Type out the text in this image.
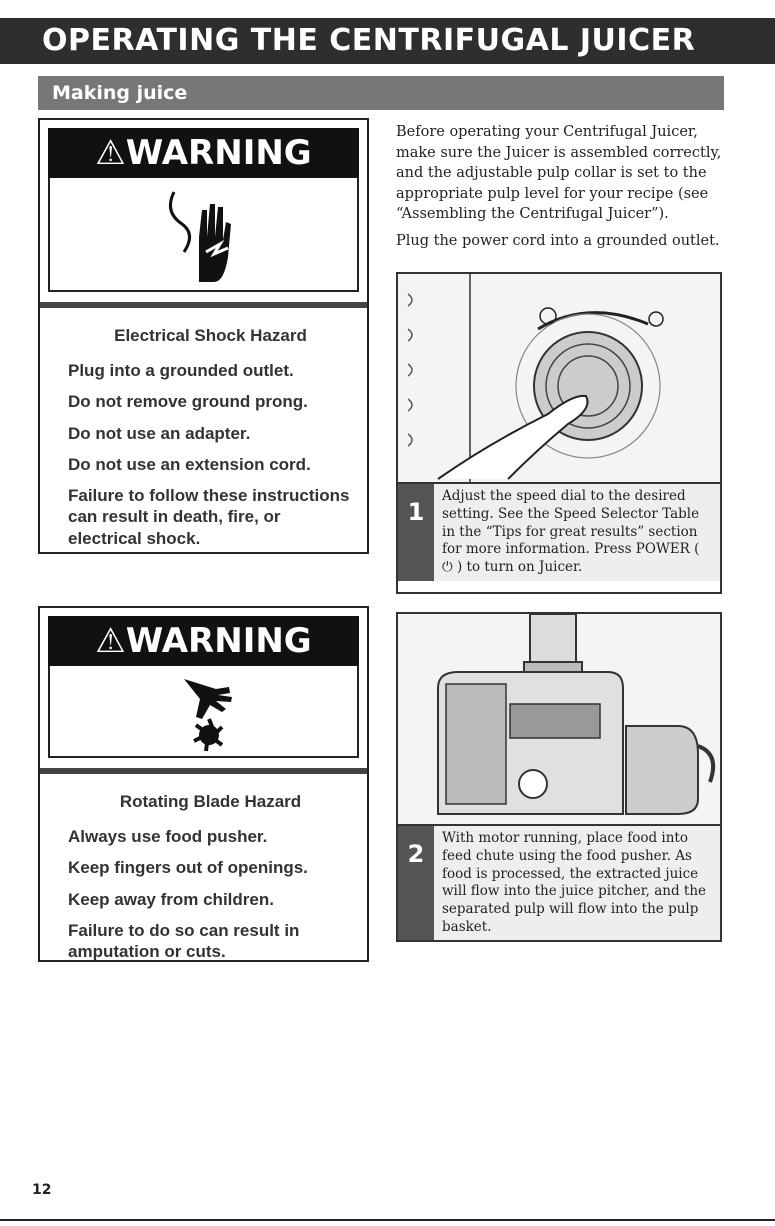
OPERATING THE CENTRIFUGAL JUICER
Making juice
⚠WARNING
Electrical Shock Hazard
Plug into a grounded outlet.
Do not remove ground prong.
Do not use an adapter.
Do not use an extension cord.
Failure to follow these instructions can result in death, fire, or electrical shock.
⚠WARNING
Rotating Blade Hazard
Always use food pusher.
Keep fingers out of openings.
Keep away from children.
Failure to do so can result in amputation or cuts.

Before operating your Centrifugal Juicer, make sure the Juicer is assembled correctly, and the adjustable pulp collar is set to the appropriate pulp level for your recipe (see “Assembling the Centrifugal Juicer”).

Plug the power cord into a grounded outlet.

1
Adjust the speed dial to the desired setting. See the Speed Selector Table in the “Tips for great results” section for more information. Press POWER ( ⏻ ) to turn on Juicer.
2
With motor running, place food into feed chute using the food pusher. As food is processed, the extracted juice will flow into the juice pitcher, and the separated pulp will flow into the pulp basket.
12
